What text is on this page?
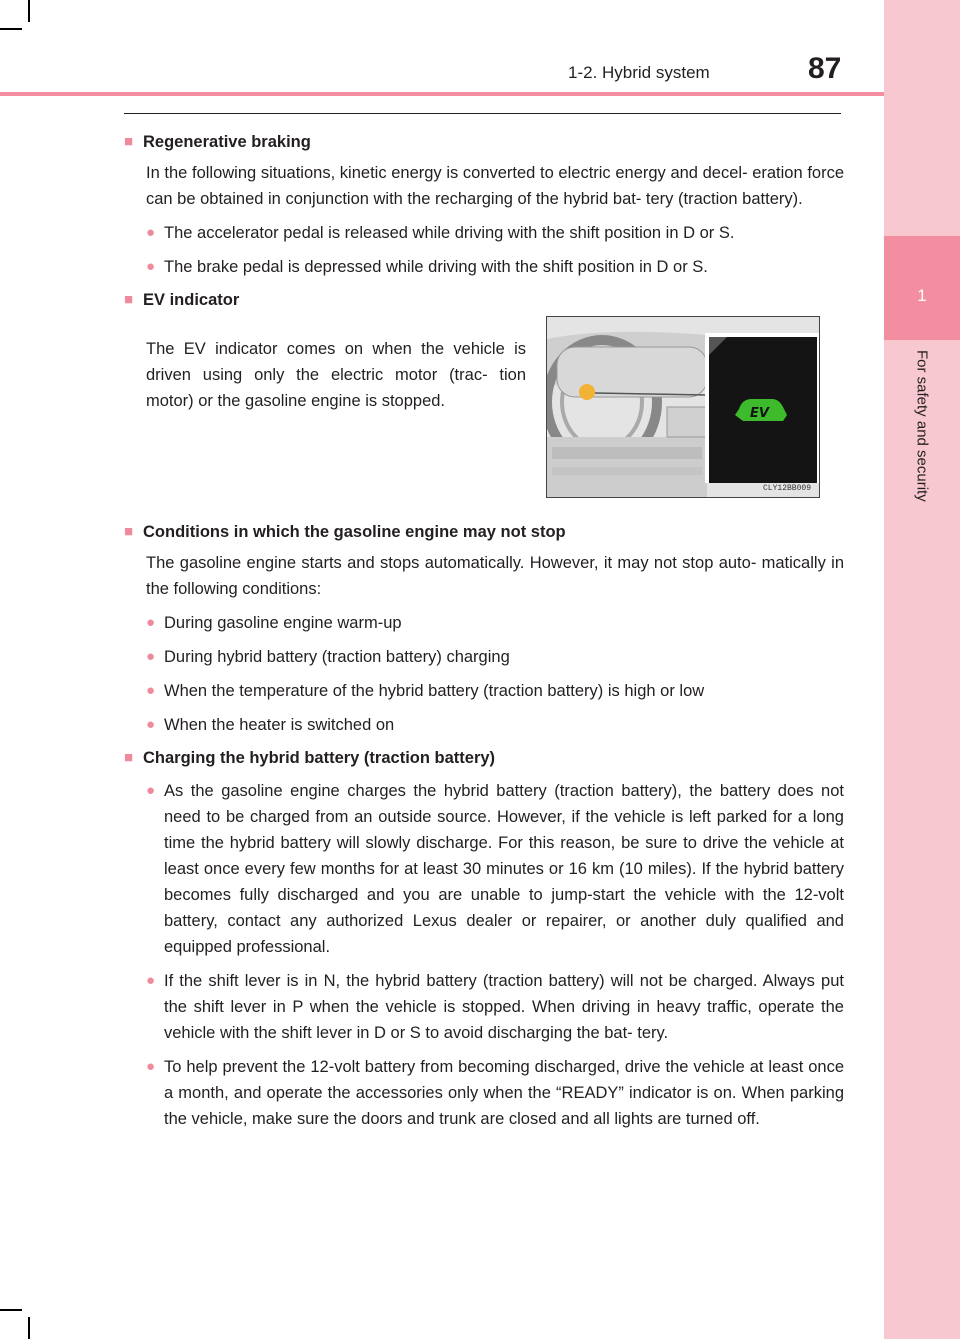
1
For safety and security
1-2. Hybrid system	87
■ Regenerative braking
In the following situations, kinetic energy is converted to electric energy and decel- eration force can be obtained in conjunction with the recharging of the hybrid bat- tery (traction battery).
● The accelerator pedal is released while driving with the shift position in D or S.
● The brake pedal is depressed while driving with the shift position in D or S.
■ EV indicator
The EV indicator comes on when the vehicle is driven using only the electric motor (trac- tion motor) or the gasoline engine is stopped.
EV
CLY12BB009
■ Conditions in which the gasoline engine may not stop
The gasoline engine starts and stops automatically. However, it may not stop auto- matically in the following conditions:
● During gasoline engine warm-up
● During hybrid battery (traction battery) charging
● When the temperature of the hybrid battery (traction battery) is high or low
● When the heater is switched on
■ Charging the hybrid battery (traction battery)
● As the gasoline engine charges the hybrid battery (traction battery), the battery does not need to be charged from an outside source. However, if the vehicle is left parked for a long time the hybrid battery will slowly discharge. For this reason, be sure to drive the vehicle at least once every few months for at least 30 minutes or 16 km (10 miles). If the hybrid battery becomes fully discharged and you are unable to jump-start the vehicle with the 12-volt battery, contact any authorized Lexus dealer or repairer, or another duly qualified and equipped professional.
● If the shift lever is in N, the hybrid battery (traction battery) will not be charged. Always put the shift lever in P when the vehicle is stopped. When driving in heavy traffic, operate the vehicle with the shift lever in D or S to avoid discharging the bat- tery.
● To help prevent the 12-volt battery from becoming discharged, drive the vehicle at least once a month, and operate the accessories only when the “READY” indicator is on. When parking the vehicle, make sure the doors and trunk are closed and all lights are turned off.
